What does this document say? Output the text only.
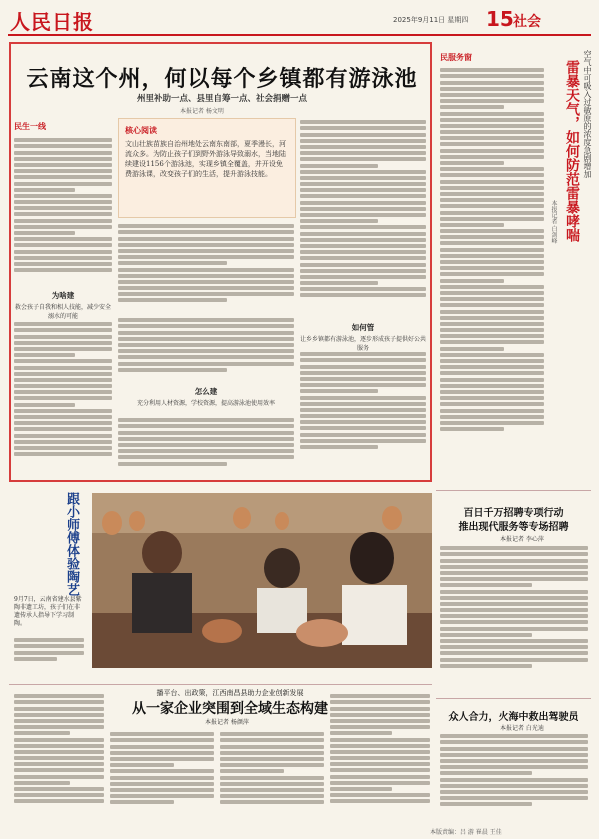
人民日报	2025年9月11日 星期四 15 社会
云南这个州，何以每个乡镇都有游泳池
州里补助一点、县里自筹一点、社会捐赠一点
本报记者 杨文明
民生一线
为啥建
救会孩子自我和相人技能，减少安全溺水的可能
核心阅读
文山壮族苗族自治州地处云南东南部，夏季漫长，河流众多。为防止孩子们到野外游泳导致溺水，当地陆续建设1156个游泳池，实现乡镇全覆盖，并开设免费游泳课，改变孩子们的生活，提升游泳技能。
怎么建
充分利用人材资源，学校资源，提高游泳池使用效率
如何管
让乡乡镇都有游泳池，逐步形成孩子提供好公共服务
民服务窗	空气中可吸入过敏原的浓度急剧增加
雷暴天气，如何防范雷暴哮喘
本报记者 白剑峰
跟小师傅体验陶艺
9月7日，云南省建水县紫陶非遗工坊，孩子们在非遗传承人指导下学习制陶。
百日千万招聘专项行动
推出现代服务等专场招聘
本报记者 李心萍
众人合力，火海中救出驾驶员
本报记者 白光迪
播平台、出政策，江西南昌县助力企业创新发展
从一家企业突围到全域生态构建
本报记者 杨颜萍
本版责编：吕 游 崔晨 王佳
